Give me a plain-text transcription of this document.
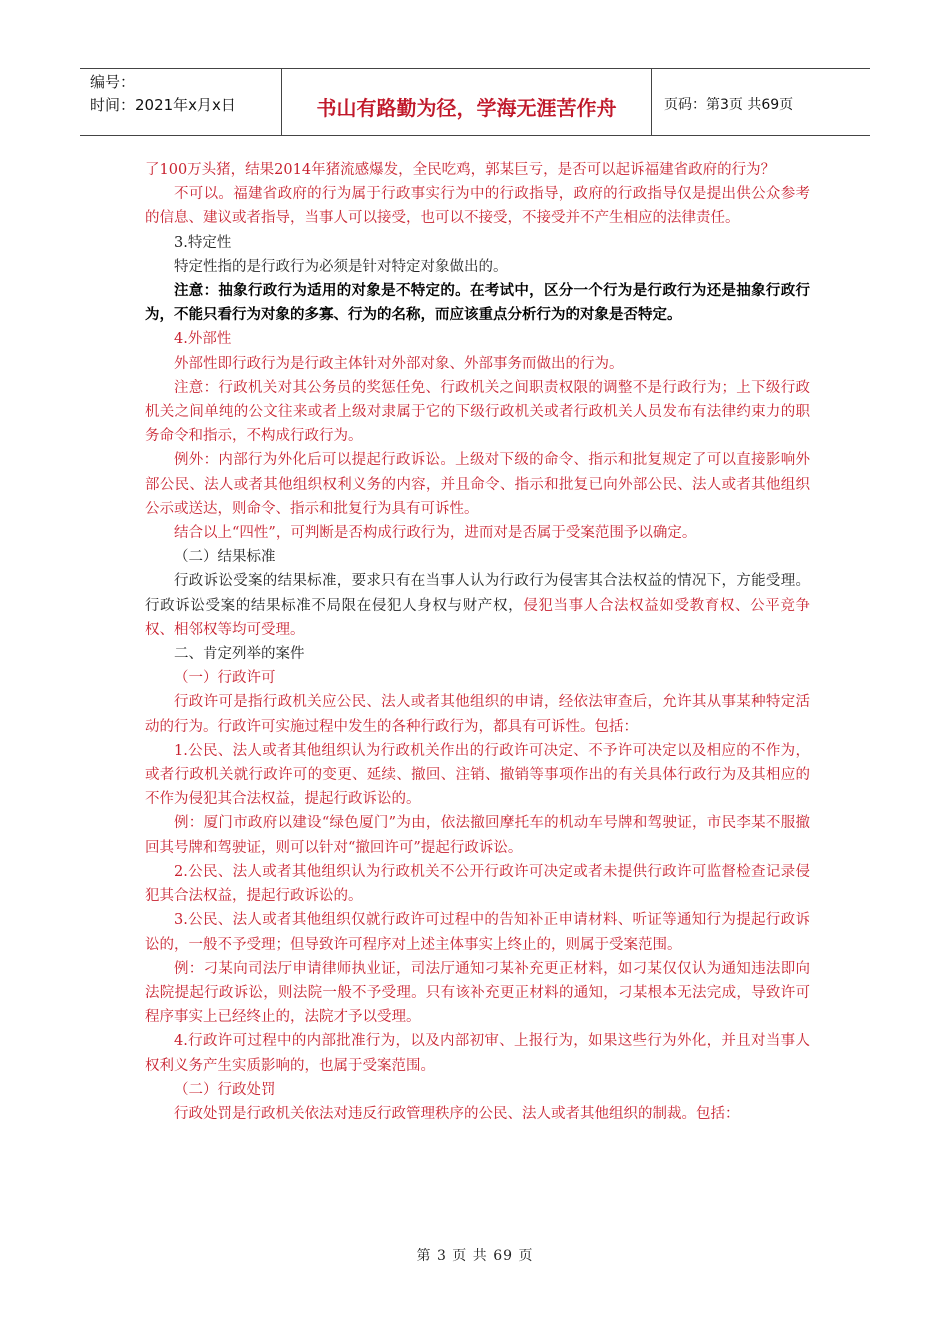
编号：
时间：2021年x月x日	书山有路勤为径，学海无涯苦作舟	页码：第3页 共69页

了100万头猪，结果2014年猪流感爆发，全民吃鸡，郭某巨亏，是否可以起诉福建省政府的行为？

不可以。福建省政府的行为属于行政事实行为中的行政指导，政府的行政指导仅是提出供公众参考的信息、建议或者指导，当事人可以接受，也可以不接受，不接受并不产生相应的法律责任。

3.特定性

特定性指的是行政行为必须是针对特定对象做出的。

注意：抽象行政行为适用的对象是不特定的。在考试中，区分一个行为是行政行为还是抽象行政行为，不能只看行为对象的多寡、行为的名称，而应该重点分析行为的对象是否特定。

4.外部性

外部性即行政行为是行政主体针对外部对象、外部事务而做出的行为。

注意：行政机关对其公务员的奖惩任免、行政机关之间职责权限的调整不是行政行为；上下级行政机关之间单纯的公文往来或者上级对隶属于它的下级行政机关或者行政机关人员发布有法律约束力的职务命令和指示，不构成行政行为。

例外：内部行为外化后可以提起行政诉讼。上级对下级的命令、指示和批复规定了可以直接影响外部公民、法人或者其他组织权利义务的内容，并且命令、指示和批复已向外部公民、法人或者其他组织公示或送达，则命令、指示和批复行为具有可诉性。

结合以上“四性”，可判断是否构成行政行为，进而对是否属于受案范围予以确定。

（二）结果标准

行政诉讼受案的结果标准，要求只有在当事人认为行政行为侵害其合法权益的情况下，方能受理。行政诉讼受案的结果标准不局限在侵犯人身权与财产权，侵犯当事人合法权益如受教育权、公平竞争权、相邻权等均可受理。

二、肯定列举的案件

（一）行政许可

行政许可是指行政机关应公民、法人或者其他组织的申请，经依法审查后，允许其从事某种特定活动的行为。行政许可实施过程中发生的各种行政行为，都具有可诉性。包括：

1.公民、法人或者其他组织认为行政机关作出的行政许可决定、不予许可决定以及相应的不作为，或者行政机关就行政许可的变更、延续、撤回、注销、撤销等事项作出的有关具体行政行为及其相应的不作为侵犯其合法权益，提起行政诉讼的。

例：厦门市政府以建设“绿色厦门”为由，依法撤回摩托车的机动车号牌和驾驶证，市民李某不服撤回其号牌和驾驶证，则可以针对“撤回许可”提起行政诉讼。

2.公民、法人或者其他组织认为行政机关不公开行政许可决定或者未提供行政许可监督检查记录侵犯其合法权益，提起行政诉讼的。

3.公民、法人或者其他组织仅就行政许可过程中的告知补正申请材料、听证等通知行为提起行政诉讼的，一般不予受理；但导致许可程序对上述主体事实上终止的，则属于受案范围。

例：刁某向司法厅申请律师执业证，司法厅通知刁某补充更正材料，如刁某仅仅认为通知违法即向法院提起行政诉讼，则法院一般不予受理。只有该补充更正材料的通知，刁某根本无法完成，导致许可程序事实上已经终止的，法院才予以受理。

4.行政许可过程中的内部批准行为，以及内部初审、上报行为，如果这些行为外化，并且对当事人权利义务产生实质影响的，也属于受案范围。

（二）行政处罚

行政处罚是行政机关依法对违反行政管理秩序的公民、法人或者其他组织的制裁。包括：

第 3 页 共 69 页
